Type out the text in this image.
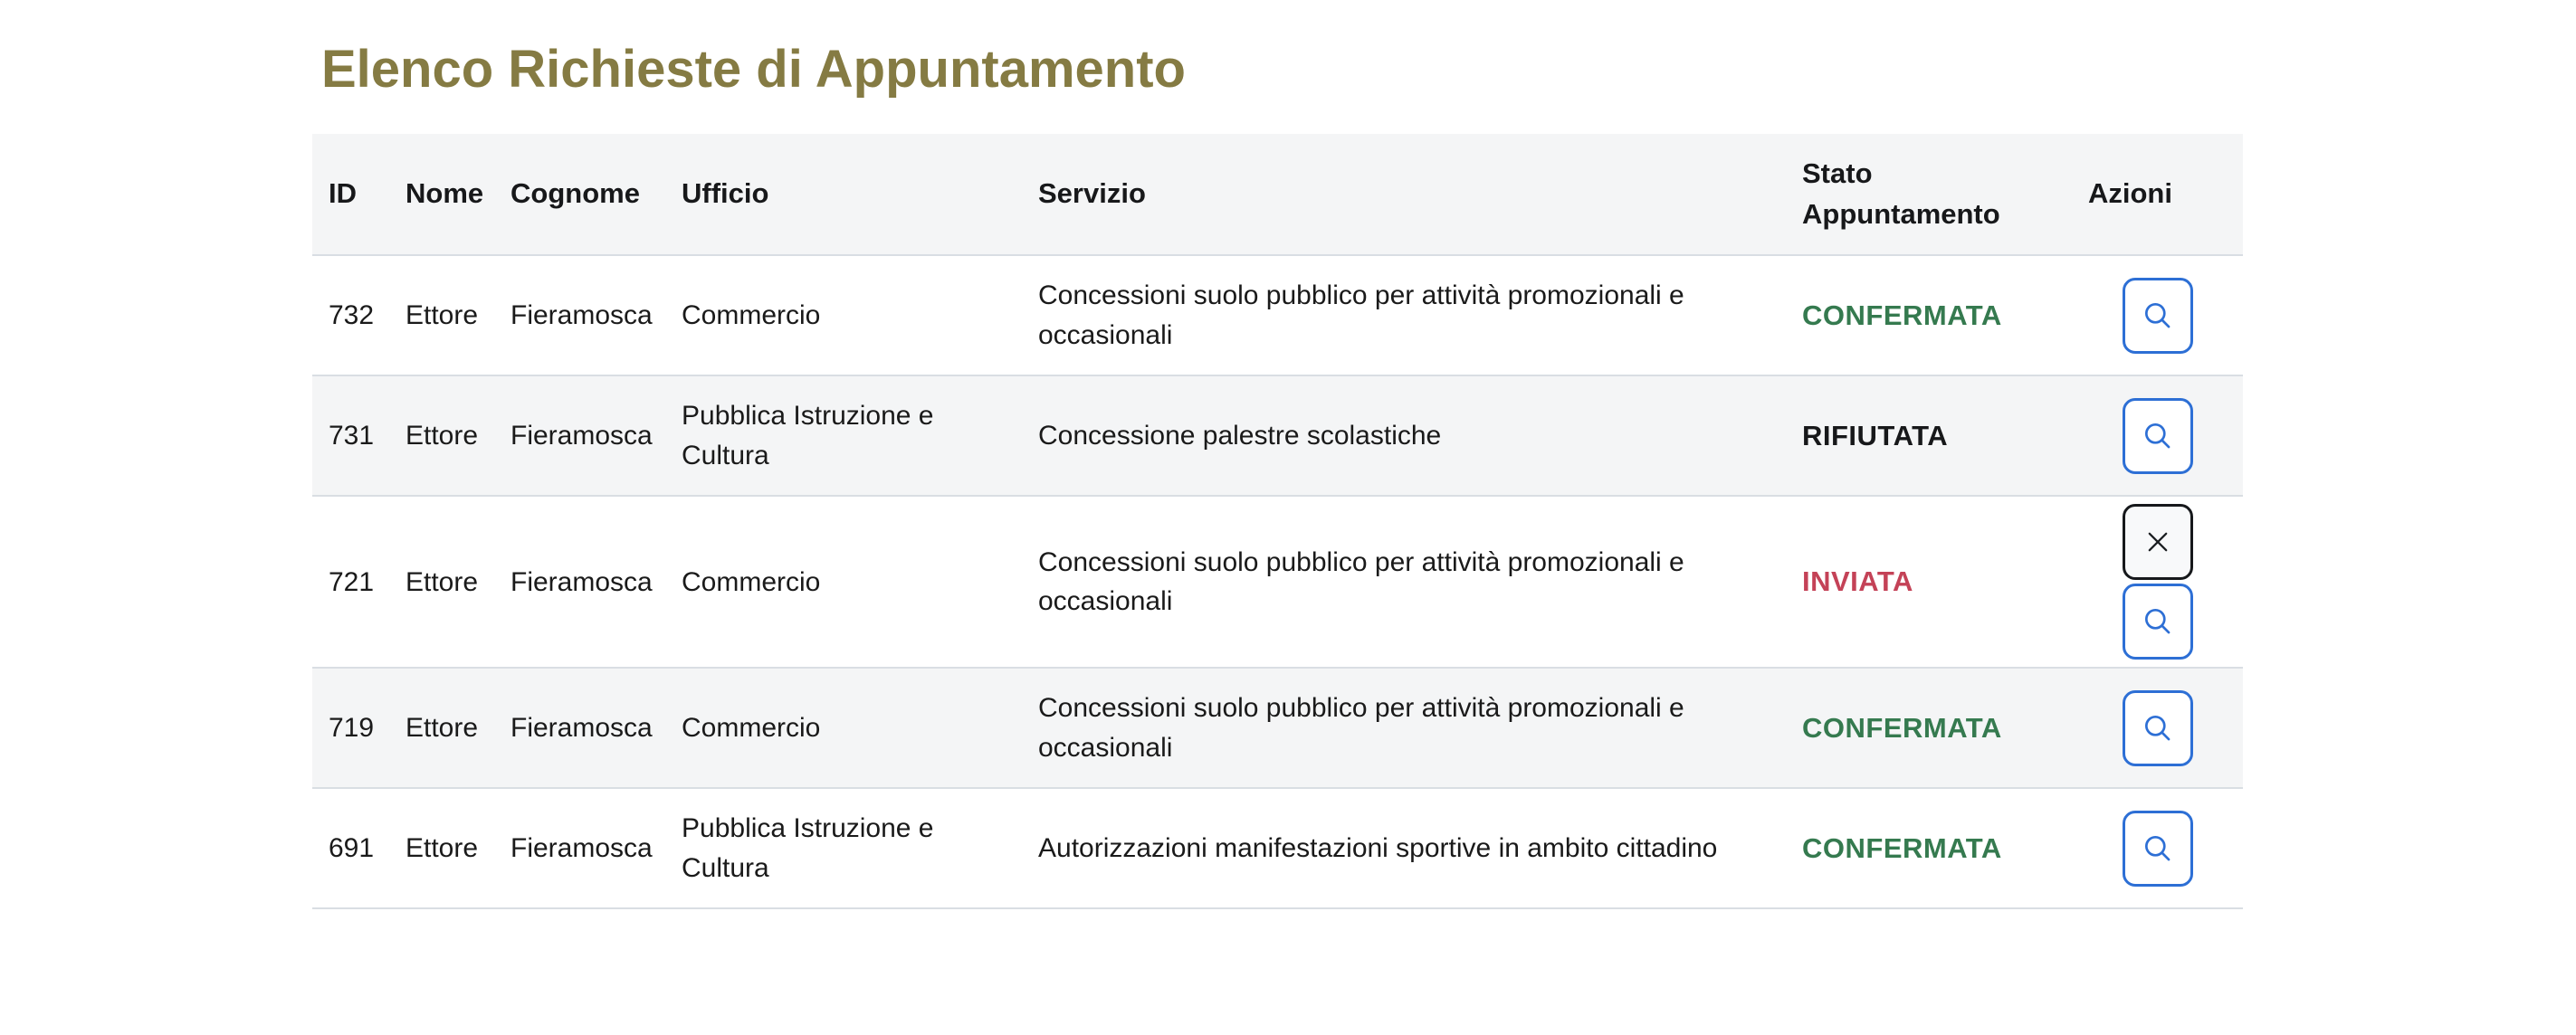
Elenco Richieste di Appuntamento
ID	Nome	Cognome	Ufficio	Servizio	Stato Appuntamento	Azioni
732	Ettore	Fieramosca	Commercio	Concessioni suolo pubblico per attività promozionali e occasionali	CONFERMATA	

731	Ettore	Fieramosca	Pubblica Istruzione e Cultura	Concessione palestre scolastiche	RIFIUTATA	

721	Ettore	Fieramosca	Commercio	Concessioni suolo pubblico per attività promozionali e occasionali	INVIATA	

719	Ettore	Fieramosca	Commercio	Concessioni suolo pubblico per attività promozionali e occasionali	CONFERMATA	

691	Ettore	Fieramosca	Pubblica Istruzione e Cultura	Autorizzazioni manifestazioni sportive in ambito cittadino	CONFERMATA	
